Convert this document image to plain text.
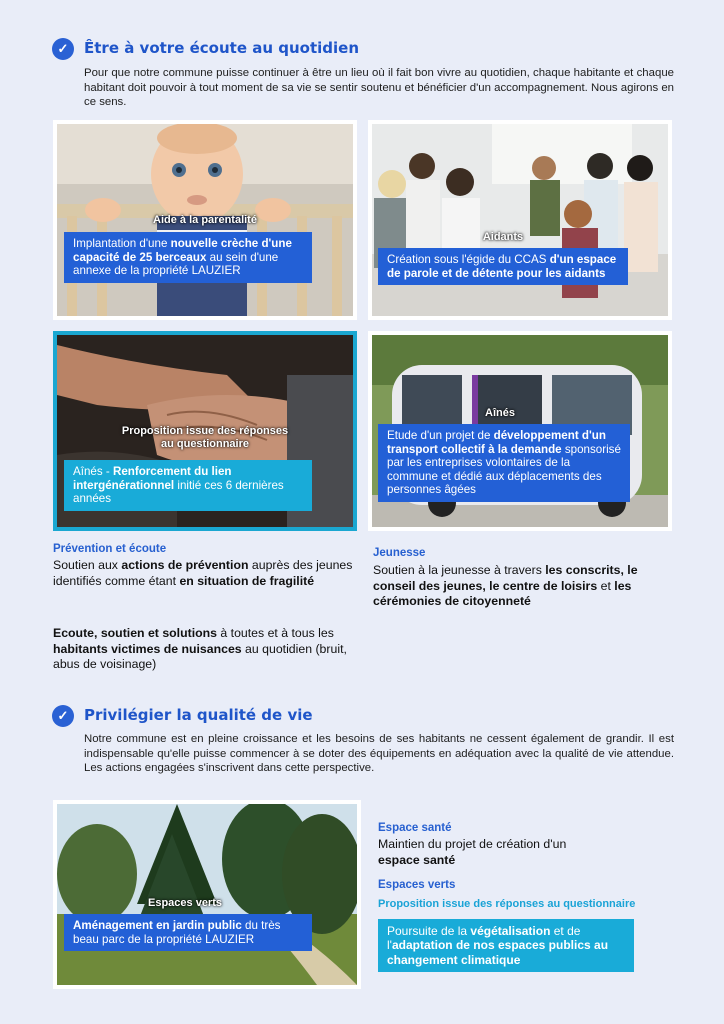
✓	Être à votre écoute au quotidien
Pour que notre commune puisse continuer à être un lieu où il fait bon vivre au quotidien, chaque habitante et chaque habitant doit pouvoir à tout moment de sa vie se sentir soutenu et bénéficier d'un accompagnement. Nous agirons en ce sens.
Aide à la parentalité
Implantation d'une nouvelle crèche d'une capacité de 25 berceaux au sein d'une annexe de la propriété LAUZIER
Aidants
Création sous l'égide du CCAS d'un espace de parole et de détente pour les aidants
Proposition issue des réponses au questionnaire
Aînés - Renforcement du lien intergénérationnel initié ces 6 dernières années
Aînés
Etude d'un projet de développement d'un transport collectif à la demande sponsorisé par les entreprises volontaires de la commune et dédié aux déplacements des personnes âgées
Prévention et écoute
Soutien aux actions de prévention auprès des jeunes identifiés comme étant en situation de fragilité
Ecoute, soutien et solutions à toutes et à tous les habitants victimes de nuisances au quotidien (bruit, abus de voisinage)
Jeunesse
Soutien à la jeunesse à travers les conscrits, le conseil des jeunes, le centre de loisirs et les cérémonies de citoyenneté
✓	Privilégier la qualité de vie
Notre commune est en pleine croissance et les besoins de ses habitants ne cessent également de grandir. Il est indispensable qu'elle puisse commencer à se doter des équipements en adéquation avec la qualité de vie attendue. Les actions engagées s'inscrivent dans cette perspective.
Espaces verts
Aménagement en jardin public du très beau parc de la propriété LAUZIER
Espace santé
Maintien du projet de création d'un espace santé
Espaces verts
Proposition issue des réponses au questionnaire
Poursuite de la végétalisation et de l'adaptation de nos espaces publics au changement climatique
